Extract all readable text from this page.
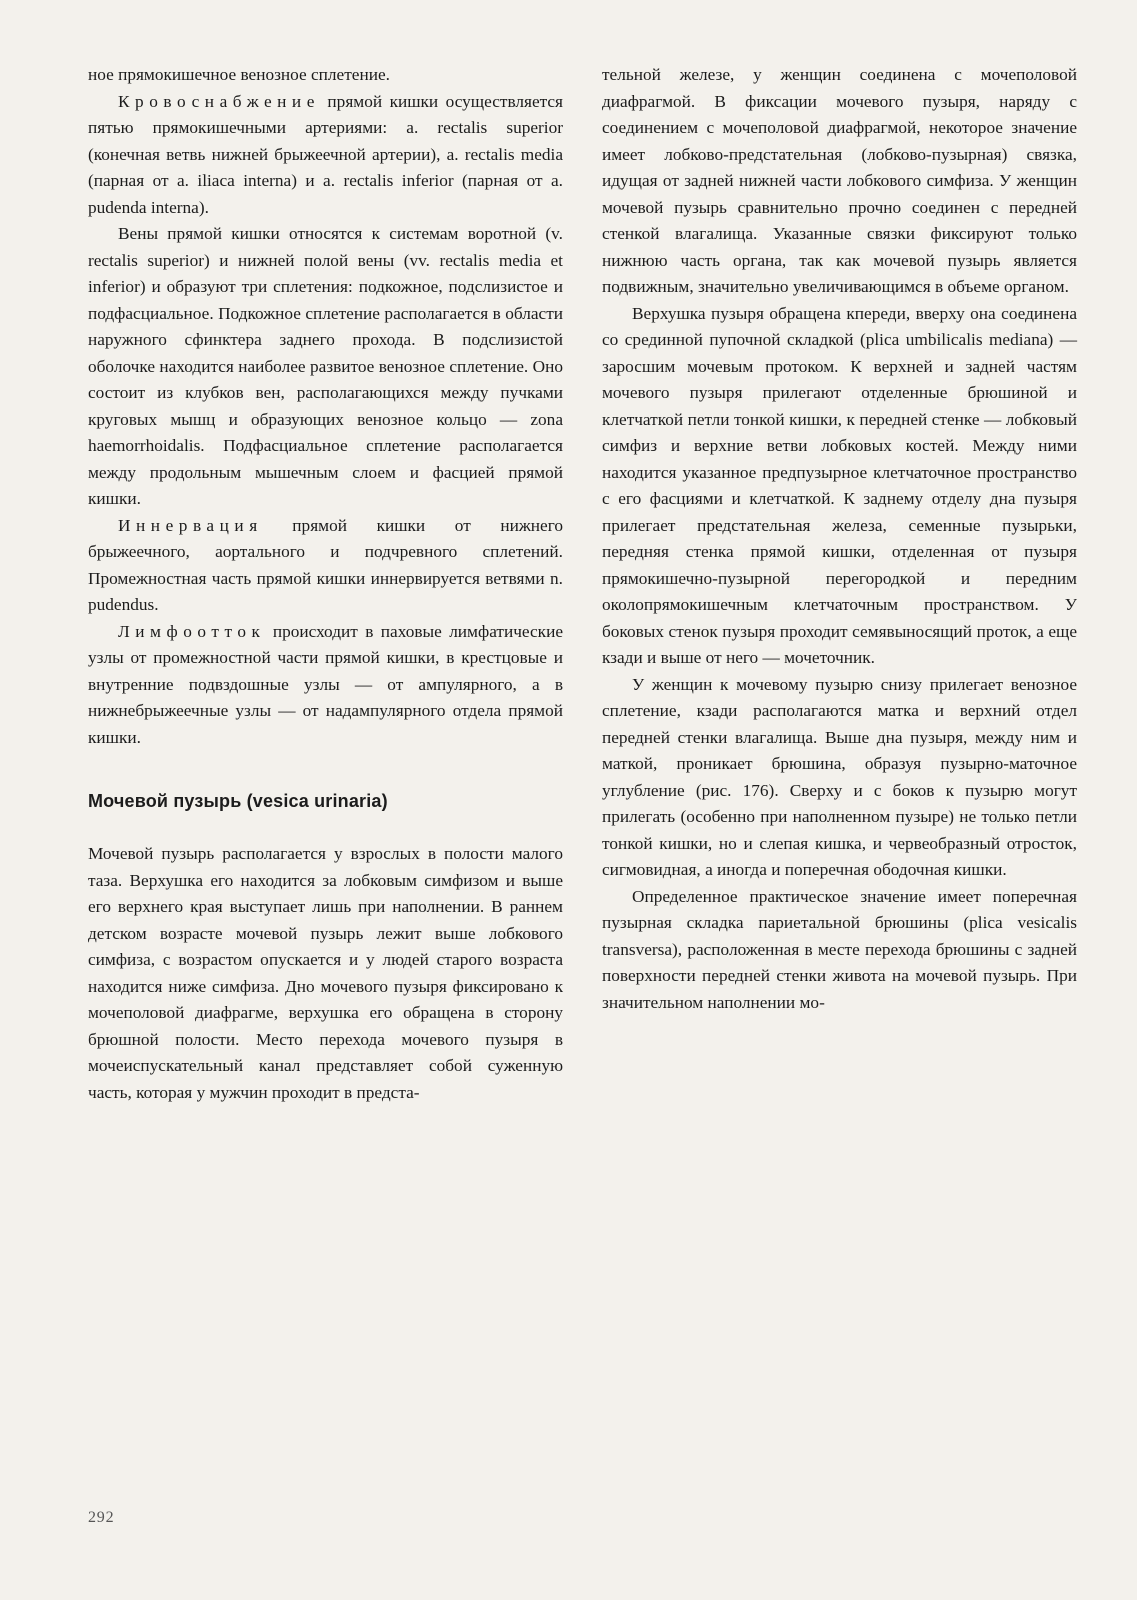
ное прямокишечное венозное сплетение.

Кровоснабжение прямой кишки осуществляется пятью прямокишечными артериями: a. rectalis superior (конечная ветвь нижней брыжеечной артерии), a. rectalis media (парная от a. iliaca interna) и a. rectalis inferior (парная от a. pudenda interna).

Вены прямой кишки относятся к системам воротной (v. rectalis superior) и нижней полой вены (vv. rectalis media et inferior) и образуют три сплетения: подкожное, подслизистое и подфасциальное. Подкожное сплетение располагается в области наружного сфинктера заднего прохода. В подслизистой оболочке находится наиболее развитое венозное сплетение. Оно состоит из клубков вен, располагающихся между пучками круговых мышц и образующих венозное кольцо — zona haemorrhoidalis. Подфасциальное сплетение располагается между продольным мышечным слоем и фасцией прямой кишки.

Иннервация прямой кишки от нижнего брыжеечного, аортального и подчревного сплетений. Промежностная часть прямой кишки иннервируется ветвями n. pudendus.

Лимфоотток происходит в паховые лимфатические узлы от промежностной части прямой кишки, в крестцовые и внутренние подвздошные узлы — от ампулярного, а в нижнебрыжеечные узлы — от надампулярного отдела прямой кишки.

Мочевой пузырь (vesica urinaria)

Мочевой пузырь располагается у взрослых в полости малого таза. Верхушка его находится за лобковым симфизом и выше его верхнего края выступает лишь при наполнении. В раннем детском возрасте мочевой пузырь лежит выше лобкового симфиза, с возрастом опускается и у людей старого возраста находится ниже симфиза. Дно мочевого пузыря фиксировано к мочеполовой диафрагме, верхушка его обращена в сторону брюшной полости. Место перехода мочевого пузыря в мочеиспускательный канал представляет собой суженную часть, которая у мужчин проходит в предста-

тельной железе, у женщин соединена с мочеполовой диафрагмой. В фиксации мочевого пузыря, наряду с соединением с мочеполовой диафрагмой, некоторое значение имеет лобково-предстательная (лобково-пузырная) связка, идущая от задней нижней части лобкового симфиза. У женщин мочевой пузырь сравнительно прочно соединен с передней стенкой влагалища. Указанные связки фиксируют только нижнюю часть органа, так как мочевой пузырь является подвижным, значительно увеличивающимся в объеме органом.

Верхушка пузыря обращена кпереди, вверху она соединена со срединной пупочной складкой (plica umbilicalis mediana) — заросшим мочевым протоком. К верхней и задней частям мочевого пузыря прилегают отделенные брюшиной и клетчаткой петли тонкой кишки, к передней стенке — лобковый симфиз и верхние ветви лобковых костей. Между ними находится указанное предпузырное клетчаточное пространство с его фасциями и клетчаткой. К заднему отделу дна пузыря прилегает предстательная железа, семенные пузырьки, передняя стенка прямой кишки, отделенная от пузыря прямокишечно-пузырной перегородкой и передним околопрямокишечным клетчаточным пространством. У боковых стенок пузыря проходит семявыносящий проток, а еще кзади и выше от него — мочеточник.

У женщин к мочевому пузырю снизу прилегает венозное сплетение, кзади располагаются матка и верхний отдел передней стенки влагалища. Выше дна пузыря, между ним и маткой, проникает брюшина, образуя пузырно-маточное углубление (рис. 176). Сверху и с боков к пузырю могут прилегать (особенно при наполненном пузыре) не только петли тонкой кишки, но и слепая кишка, и червеобразный отросток, сигмовидная, а иногда и поперечная ободочная кишки.

Определенное практическое значение имеет поперечная пузырная складка париетальной брюшины (plica vesicalis transversa), расположенная в месте перехода брюшины с задней поверхности передней стенки живота на мочевой пузырь. При значительном наполнении мо-

292
